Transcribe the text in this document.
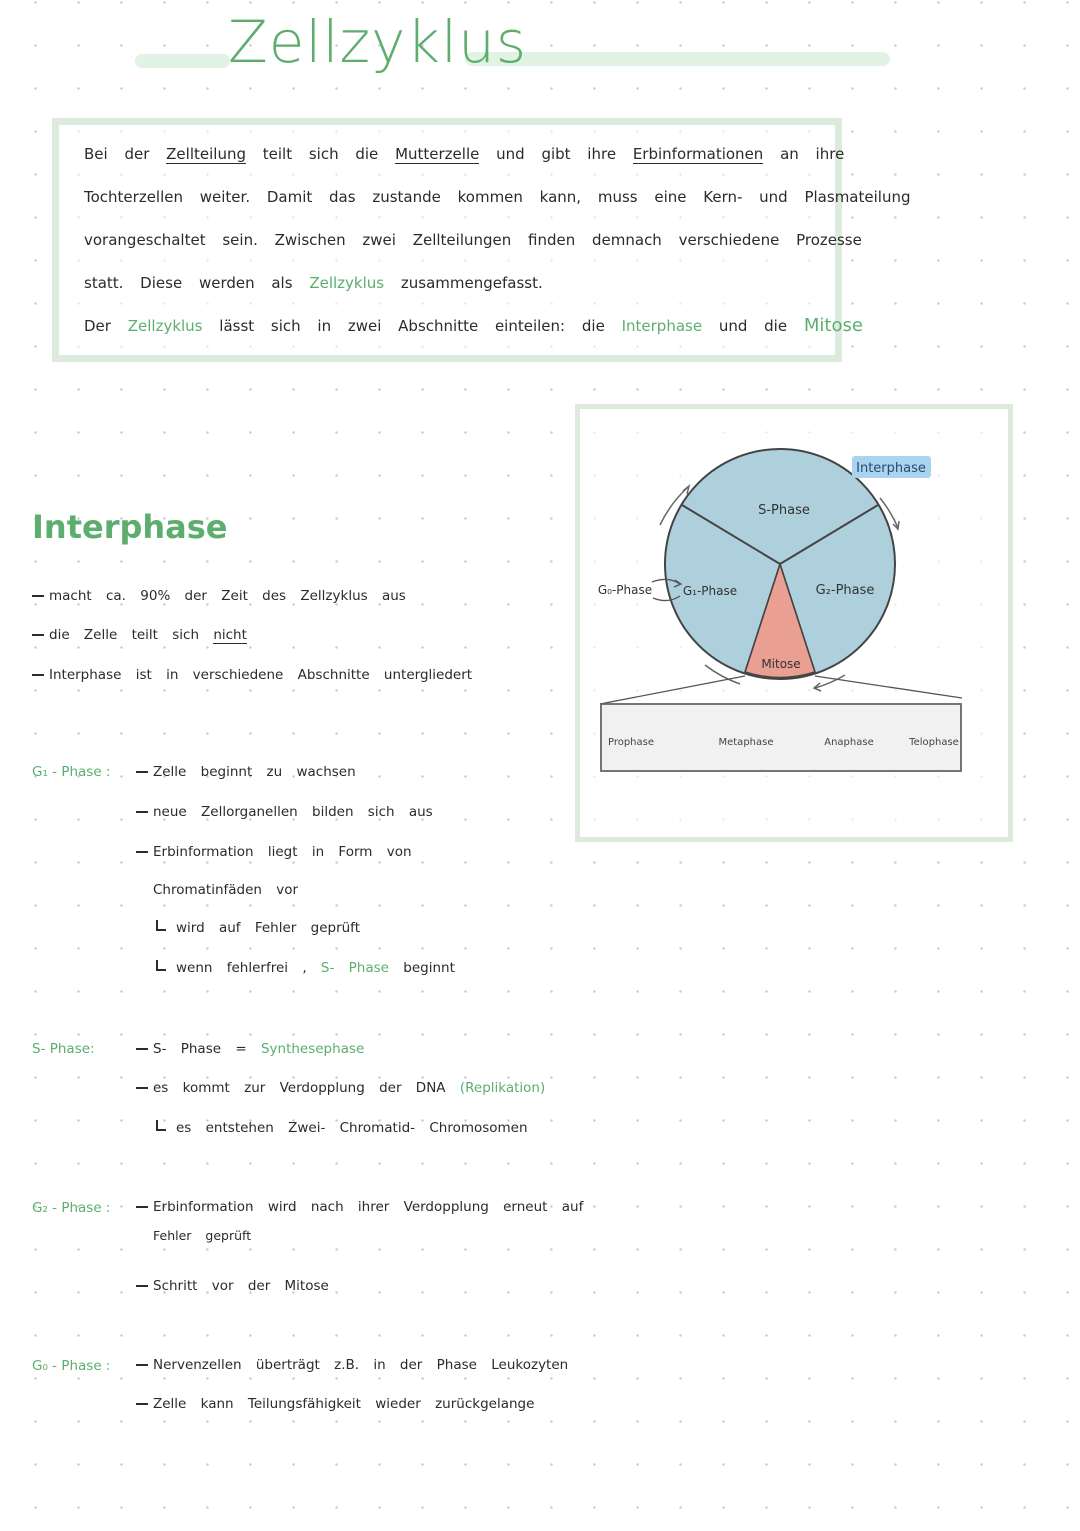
Zellzyklus
Bei der Zellteilung teilt sich die Mutterzelle und gibt ihre Erbinformationen an ihre
Tochterzellen weiter. Damit das zustande kommen kann, muss eine Kern- und Plasmateilung
vorangeschaltet sein. Zwischen zwei Zellteilungen finden demnach verschiedene Prozesse
statt. Diese werden als Zellzyklus zusammengefasst.
Der Zellzyklus lässt sich in zwei Abschnitte einteilen: die Interphase und die Mitose
Interphase
macht ca. 90% der Zeit des Zellzyklus aus
die Zelle teilt sich nicht
Interphase ist in verschiedene Abschnitte untergliedert
G₁ - Phase :	Zelle beginnt zu wachsen
neue Zellorganellen bilden sich aus
Erbinformation liegt in Form von
Chromatinfäden vor
wird auf Fehler geprüft
wenn fehlerfrei , S- Phase beginnt
S- Phase:	S- Phase = Synthesephase
es kommt zur Verdopplung der DNA (Replikation)
es entstehen Zwei- Chromatid- Chromosomen
G₂ - Phase :	Erbinformation wird nach ihrer Verdopplung erneut auf
Fehler geprüft
Schritt vor der Mitose
G₀ - Phase :	Nervenzellen überträgt z.B. in der Phase Leukozyten
Zelle kann Teilungsfähigkeit wieder zurückgelange
Interphase
S-Phase
G₁-Phase	G₂-Phase
G₀-Phase
Mitose
Prophase	Metaphase	Anaphase	Telophase
